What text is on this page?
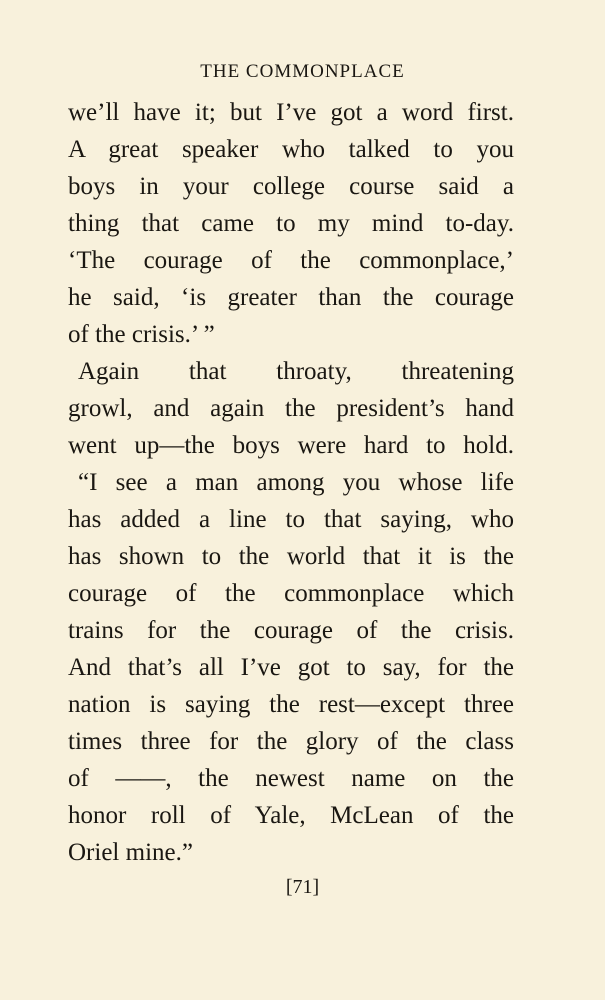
THE COMMONPLACE
we’ll have it; but I’ve got a word first.
A great speaker who talked to you
boys in your college course said a
thing that came to my mind to-day.
‘The courage of the commonplace,’
he said, ‘is greater than the courage
of the crisis.’ ”
Again that throaty, threatening
growl, and again the president’s hand
went up—the boys were hard to hold.
“I see a man among you whose life
has added a line to that saying, who
has shown to the world that it is the
courage of the commonplace which
trains for the courage of the crisis.
And that’s all I’ve got to say, for the
nation is saying the rest—except three
times three for the glory of the class
of ——, the newest name on the
honor roll of Yale, McLean of the
Oriel mine.”
[71]
